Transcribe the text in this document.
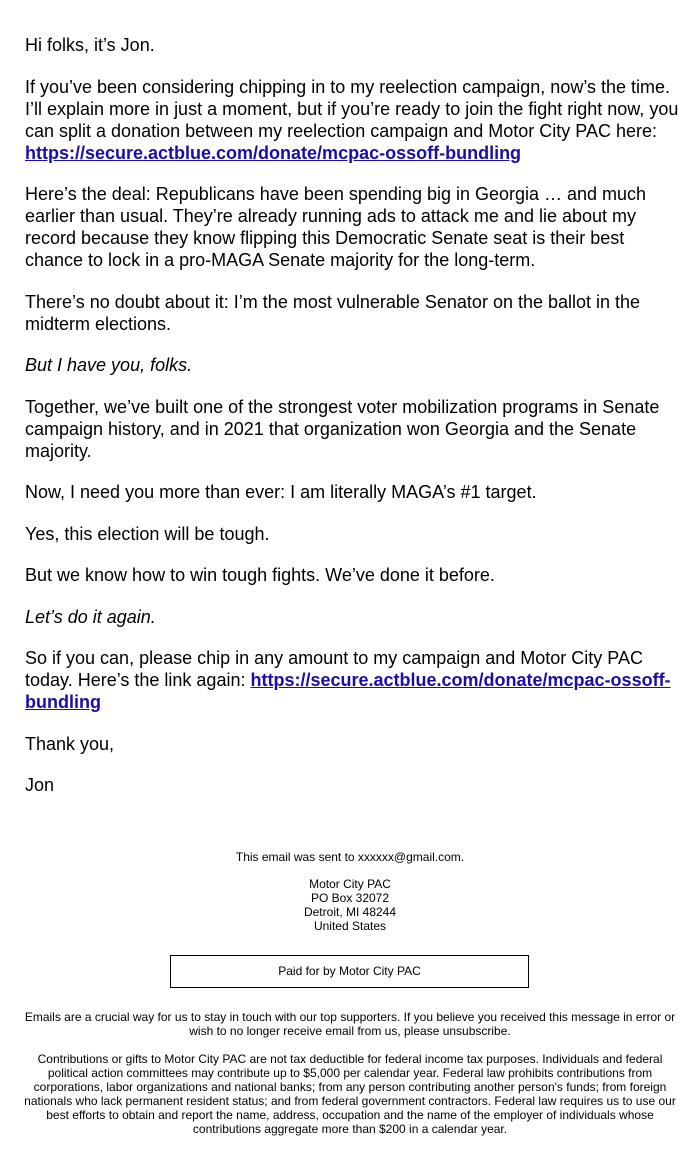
Hi folks, it’s Jon.

If you’ve been considering chipping in to my reelection campaign, now’s the time. I’ll explain more in just a moment, but if you’re ready to join the fight right now, you can split a donation between my reelection campaign and Motor City PAC here: https://secure.actblue.com/donate/mcpac-ossoff-bundling

Here’s the deal: Republicans have been spending big in Georgia … and much earlier than usual. They’re already running ads to attack me and lie about my record because they know flipping this Democratic Senate seat is their best chance to lock in a pro-MAGA Senate majority for the long-term.

There’s no doubt about it: I’m the most vulnerable Senator on the ballot in the midterm elections.

But I have you, folks.

Together, we’ve built one of the strongest voter mobilization programs in Senate campaign history, and in 2021 that organization won Georgia and the Senate majority.

Now, I need you more than ever: I am literally MAGA’s #1 target.

Yes, this election will be tough.

But we know how to win tough fights. We’ve done it before.

Let’s do it again.

So if you can, please chip in any amount to my campaign and Motor City PAC today. Here’s the link again: https://secure.actblue.com/donate/mcpac-ossoff-bundling

Thank you,

Jon

This email was sent to xxxxxx@gmail.com.
Motor City PAC
PO Box 32072
Detroit, MI 48244
United States
Paid for by Motor City PAC
Emails are a crucial way for us to stay in touch with our top supporters. If you believe you received this message in error or wish to no longer receive email from us, please unsubscribe.
Contributions or gifts to Motor City PAC are not tax deductible for federal income tax purposes. Individuals and federal political action committees may contribute up to $5,000 per calendar year. Federal law prohibits contributions from corporations, labor organizations and national banks; from any person contributing another person's funds; from foreign nationals who lack permanent resident status; and from federal government contractors. Federal law requires us to use our best efforts to obtain and report the name, address, occupation and the name of the employer of individuals whose contributions aggregate more than $200 in a calendar year.
